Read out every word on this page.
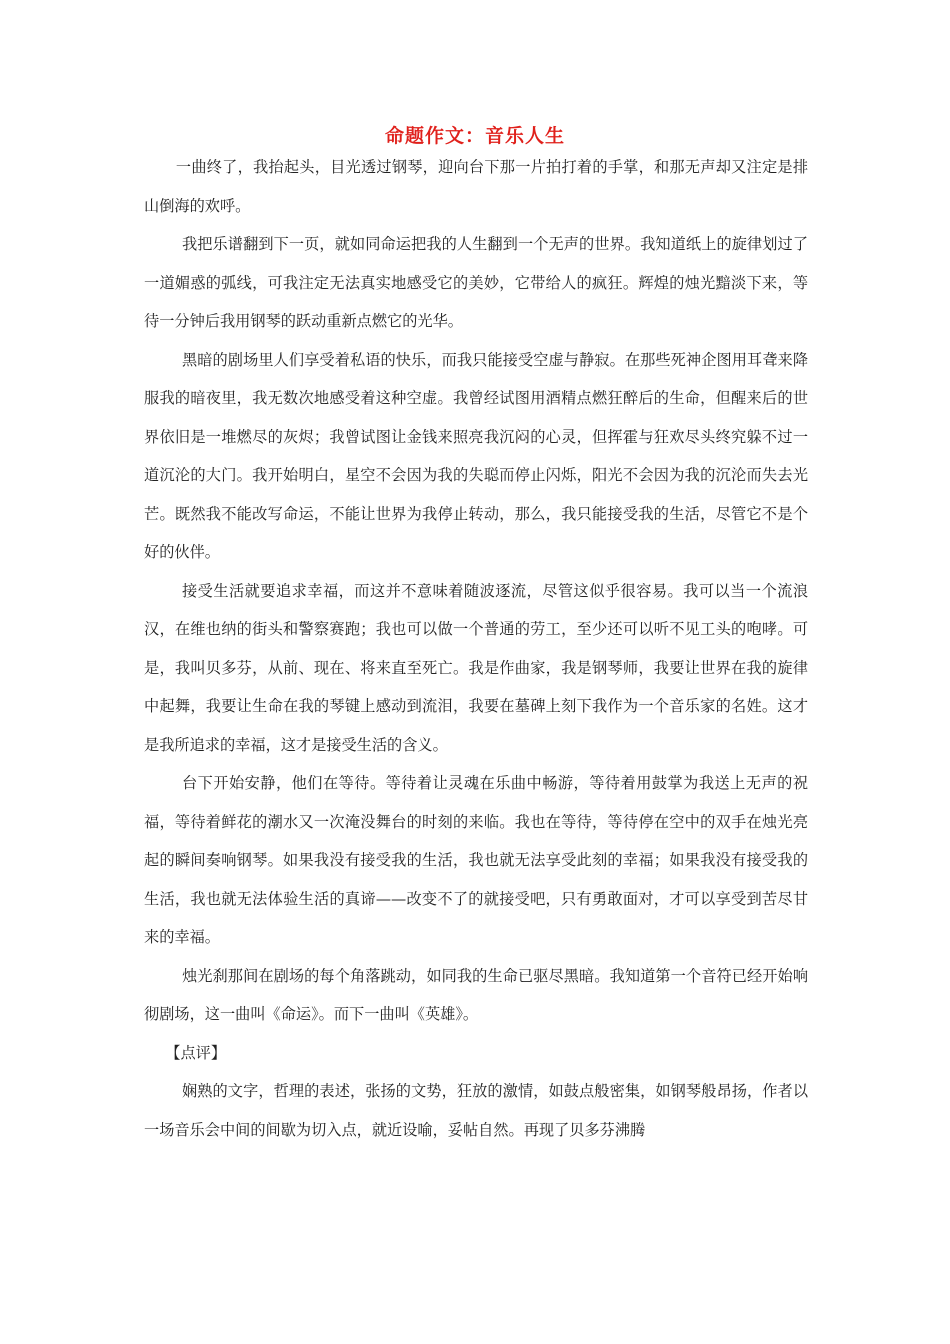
命题作文：音乐人生

一曲终了，我抬起头，目光透过钢琴，迎向台下那一片拍打着的手掌，和那无声却又注定是排山倒海的欢呼。

我把乐谱翻到下一页，就如同命运把我的人生翻到一个无声的世界。我知道纸上的旋律划过了一道媚惑的弧线，可我注定无法真实地感受它的美妙，它带给人的疯狂。辉煌的烛光黯淡下来，等待一分钟后我用钢琴的跃动重新点燃它的光华。

黑暗的剧场里人们享受着私语的快乐，而我只能接受空虚与静寂。在那些死神企图用耳聋来降服我的暗夜里，我无数次地感受着这种空虚。我曾经试图用酒精点燃狂醉后的生命，但醒来后的世界依旧是一堆燃尽的灰烬；我曾试图让金钱来照亮我沉闷的心灵，但挥霍与狂欢尽头终究躲不过一道沉沦的大门。我开始明白，星空不会因为我的失聪而停止闪烁，阳光不会因为我的沉沦而失去光芒。既然我不能改写命运，不能让世界为我停止转动，那么，我只能接受我的生活，尽管它不是个好的伙伴。

接受生活就要追求幸福，而这并不意味着随波逐流，尽管这似乎很容易。我可以当一个流浪汉，在维也纳的街头和警察赛跑；我也可以做一个普通的劳工，至少还可以听不见工头的咆哮。可是，我叫贝多芬，从前、现在、将来直至死亡。我是作曲家，我是钢琴师，我要让世界在我的旋律中起舞，我要让生命在我的琴键上感动到流泪，我要在墓碑上刻下我作为一个音乐家的名姓。这才是我所追求的幸福，这才是接受生活的含义。

台下开始安静，他们在等待。等待着让灵魂在乐曲中畅游，等待着用鼓掌为我送上无声的祝福，等待着鲜花的潮水又一次淹没舞台的时刻的来临。我也在等待，等待停在空中的双手在烛光亮起的瞬间奏响钢琴。如果我没有接受我的生活，我也就无法享受此刻的幸福；如果我没有接受我的生活，我也就无法体验生活的真谛——改变不了的就接受吧，只有勇敢面对，才可以享受到苦尽甘来的幸福。

烛光刹那间在剧场的每个角落跳动，如同我的生命已驱尽黑暗。我知道第一个音符已经开始响彻剧场，这一曲叫《命运》。而下一曲叫《英雄》。

【点评】

娴熟的文字，哲理的表述，张扬的文势，狂放的激情，如鼓点般密集，如钢琴般昂扬，作者以一场音乐会中间的间歇为切入点，就近设喻，妥帖自然。再现了贝多芬沸腾
